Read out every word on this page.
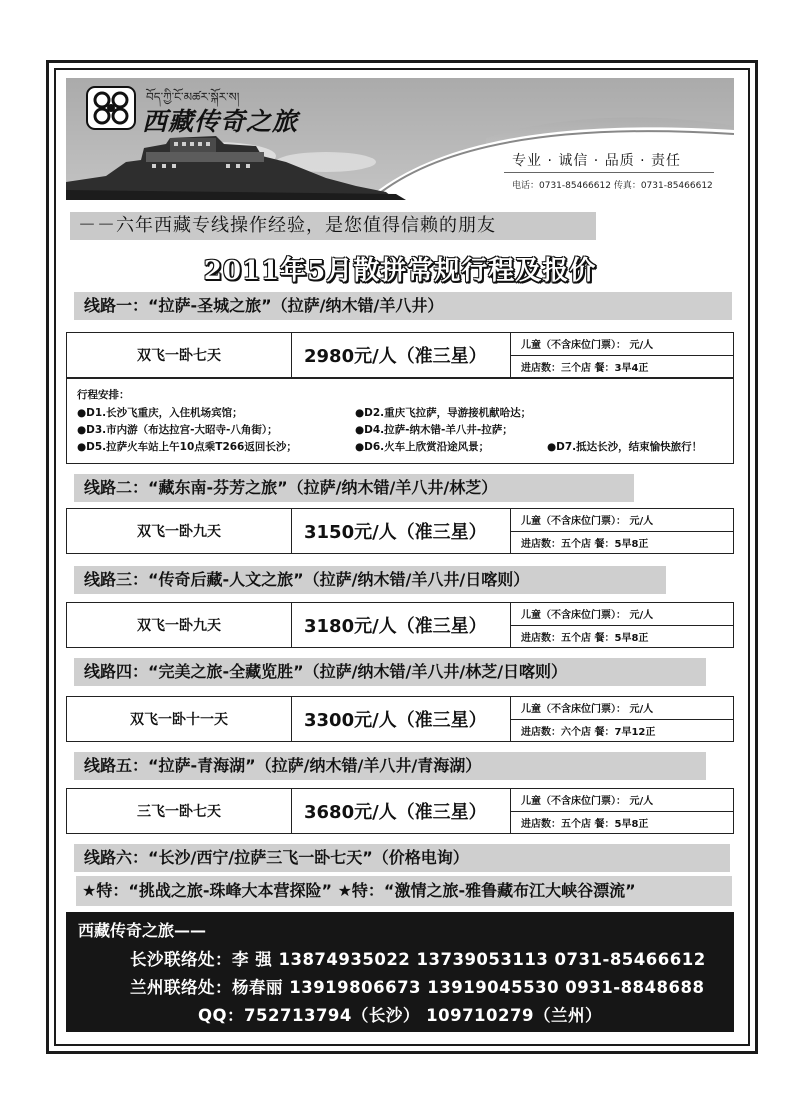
བོད་ཀྱི་ངོ་མཚར་སྐོར་ས།
西藏传奇之旅
专业 · 诚信 · 品质 · 责任
电话：0731-85466612 传真：0731-85466612
－－六年西藏专线操作经验，是您值得信赖的朋友
2011年5月散拼常规行程及报价
线路一：“拉萨-圣城之旅”（拉萨/纳木错/羊八井）
双飞一卧七天	2980元/人（准三星）
儿童（不含床位门票）： 元/人
进店数：三个店 餐：3早4正
行程安排：
●D1.长沙飞重庆，入住机场宾馆；	●D2.重庆飞拉萨，导游接机献哈达；
●D3.市内游（布达拉宫-大昭寺-八角街）；	●D4.拉萨-纳木错-羊八井-拉萨；
●D5.拉萨火车站上午10点乘T266返回长沙；	●D6.火车上欣赏沿途风景；	●D7.抵达长沙，结束愉快旅行！
线路二：“藏东南-芬芳之旅”（拉萨/纳木错/羊八井/林芝）
双飞一卧九天	3150元/人（准三星）
儿童（不含床位门票）： 元/人
进店数：五个店 餐：5早8正
线路三：“传奇后藏-人文之旅”（拉萨/纳木错/羊八井/日喀则）
双飞一卧九天	3180元/人（准三星）
儿童（不含床位门票）： 元/人
进店数：五个店 餐：5早8正
线路四：“完美之旅-全藏览胜”（拉萨/纳木错/羊八井/林芝/日喀则）
双飞一卧十一天	3300元/人（准三星）
儿童（不含床位门票）： 元/人
进店数：六个店 餐：7早12正
线路五：“拉萨-青海湖”（拉萨/纳木错/羊八井/青海湖）
三飞一卧七天	3680元/人（准三星）
儿童（不含床位门票）： 元/人
进店数：五个店 餐：5早8正
线路六：“长沙/西宁/拉萨三飞一卧七天”（价格电询）
★特：“挑战之旅-珠峰大本营探险” ★特：“激情之旅-雅鲁藏布江大峡谷漂流”
西藏传奇之旅——
长沙联络处：李 强 13874935022 13739053113 0731-85466612
兰州联络处：杨春丽 13919806673 13919045530 0931-8848688
QQ：752713794（长沙） 109710279（兰州）
